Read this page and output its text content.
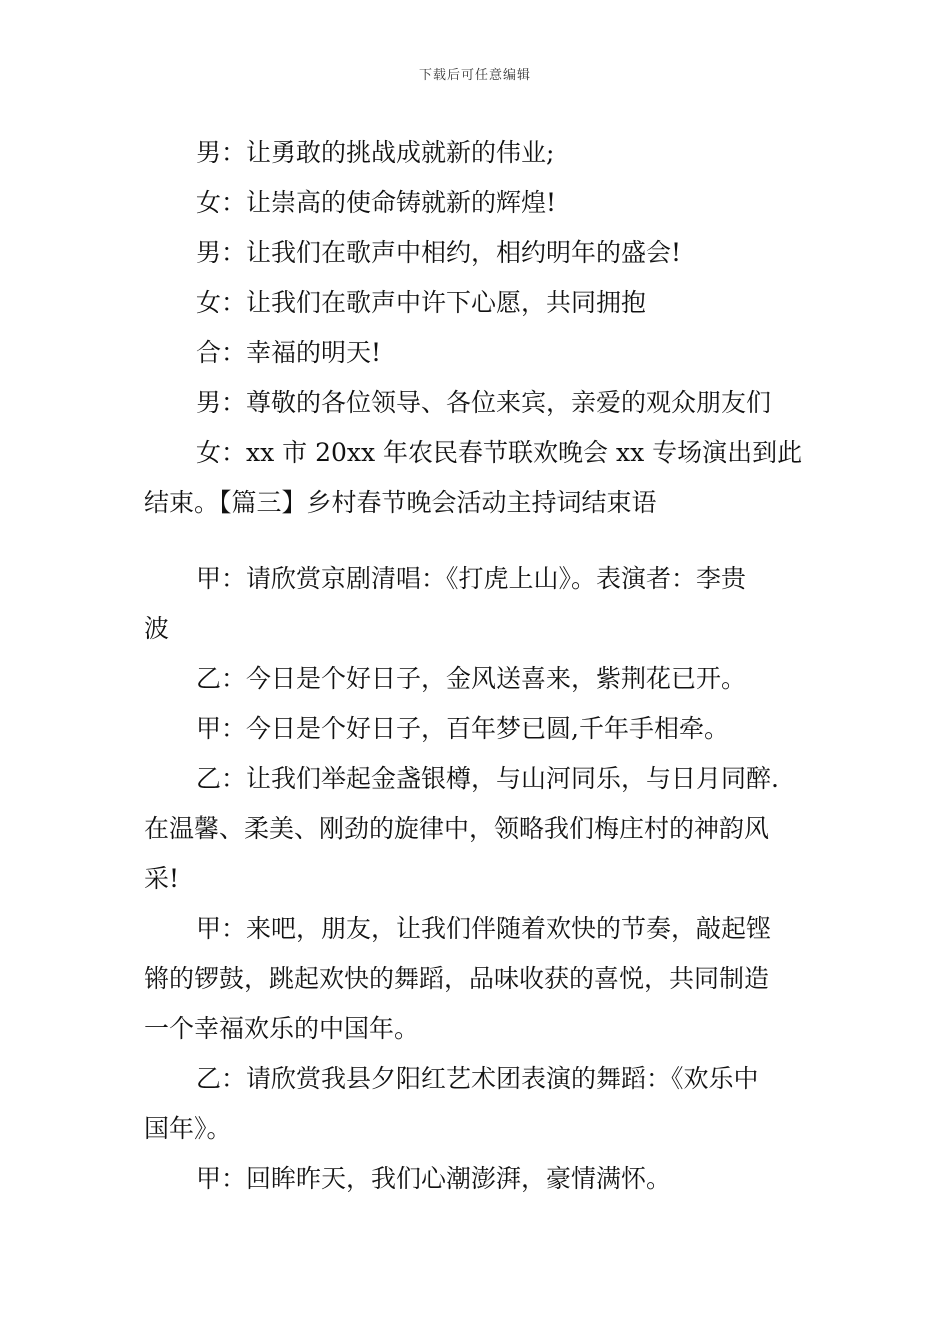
下载后可任意编辑
男：让勇敢的挑战成就新的伟业;
女：让崇高的使命铸就新的辉煌!
男：让我们在歌声中相约，相约明年的盛会!
女：让我们在歌声中许下心愿，共同拥抱
合：幸福的明天!
男：尊敬的各位领导、各位来宾，亲爱的观众朋友们
女：xx 市 20xx 年农民春节联欢晚会 xx 专场演出到此
结束。【篇三】乡村春节晚会活动主持词结束语
甲：请欣赏京剧清唱：《打虎上山》。表演者：李贵
波
乙：今日是个好日子，金风送喜来，紫荆花已开。
甲：今日是个好日子，百年梦已圆,千年手相牵。
乙：让我们举起金盏银樽，与山河同乐，与日月同醉.
在温馨、柔美、刚劲的旋律中，领略我们梅庄村的神韵风
采!
甲：来吧，朋友，让我们伴随着欢快的节奏，敲起铿
锵的锣鼓，跳起欢快的舞蹈，品味收获的喜悦，共同制造
一个幸福欢乐的中国年。
乙：请欣赏我县夕阳红艺术团表演的舞蹈：《欢乐中
国年》。
甲：回眸昨天，我们心潮澎湃，豪情满怀。
